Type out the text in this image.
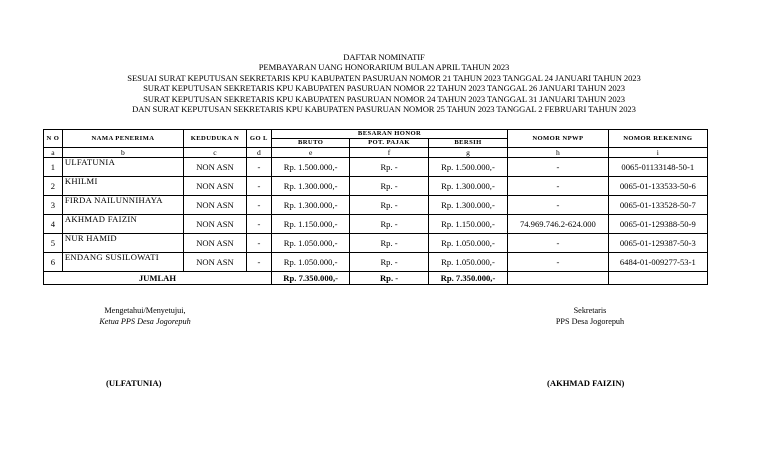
DAFTAR NOMINATIF
PEMBAYARAN UANG HONORARIUM BULAN APRIL TAHUN 2023
SESUAI SURAT KEPUTUSAN SEKRETARIS KPU KABUPATEN PASURUAN NOMOR 21 TAHUN 2023 TANGGAL 24 JANUARI TAHUN 2023
SURAT KEPUTUSAN SEKRETARIS KPU KABUPATEN PASURUAN NOMOR 22 TAHUN 2023 TANGGAL 26 JANUARI TAHUN 2023
SURAT KEPUTUSAN SEKRETARIS KPU KABUPATEN PASURUAN NOMOR 24 TAHUN 2023 TANGGAL 31 JANUARI TAHUN 2023
DAN SURAT KEPUTUSAN SEKRETARIS KPU KABUPATEN PASURUAN NOMOR 25 TAHUN 2023 TANGGAL 2 FEBRUARI TAHUN 2023
N O	NAMA PENERIMA	KEDUDUKA N	GO L	BESARAN HONOR			NOMOR NPWP	NOMOR REKENING
				BRUTO	POT. PAJAK	BERSIH		
a	b	c	d	e	f	g	h	i
1	ULFATUNIA	NON ASN	-	Rp. 1.500.000,-	Rp. -	Rp. 1.500.000,-	-	0065-01133148-50-1
2	KHILMI	NON ASN	-	Rp. 1.300.000,-	Rp. -	Rp. 1.300.000,-	-	0065-01-133533-50-6
3	FIRDA NAILUNNIHAYA	NON ASN	-	Rp. 1.300.000,-	Rp. -	Rp. 1.300.000,-	-	0065-01-133528-50-7
4	AKHMAD FAIZIN	NON ASN	-	Rp. 1.150.000,-	Rp. -	Rp. 1.150.000,-	74.969.746.2-624.000	0065-01-129388-50-9
5	NUR HAMID	NON ASN	-	Rp. 1.050.000,-	Rp. -	Rp. 1.050.000,-	-	0065-01-129387-50-3
6	ENDANG SUSILOWATI	NON ASN	-	Rp. 1.050.000,-	Rp. -	Rp. 1.050.000,-	-	6484-01-009277-53-1
JUMLAH				Rp. 7.350.000,-	Rp. -	Rp. 7.350.000,-		
Mengetahui/Menyetujui,
Ketua PPS Desa Jogorepuh
Sekretaris
PPS Desa Jogorepuh
(ULFATUNIA)	(AKHMAD FAIZIN)
